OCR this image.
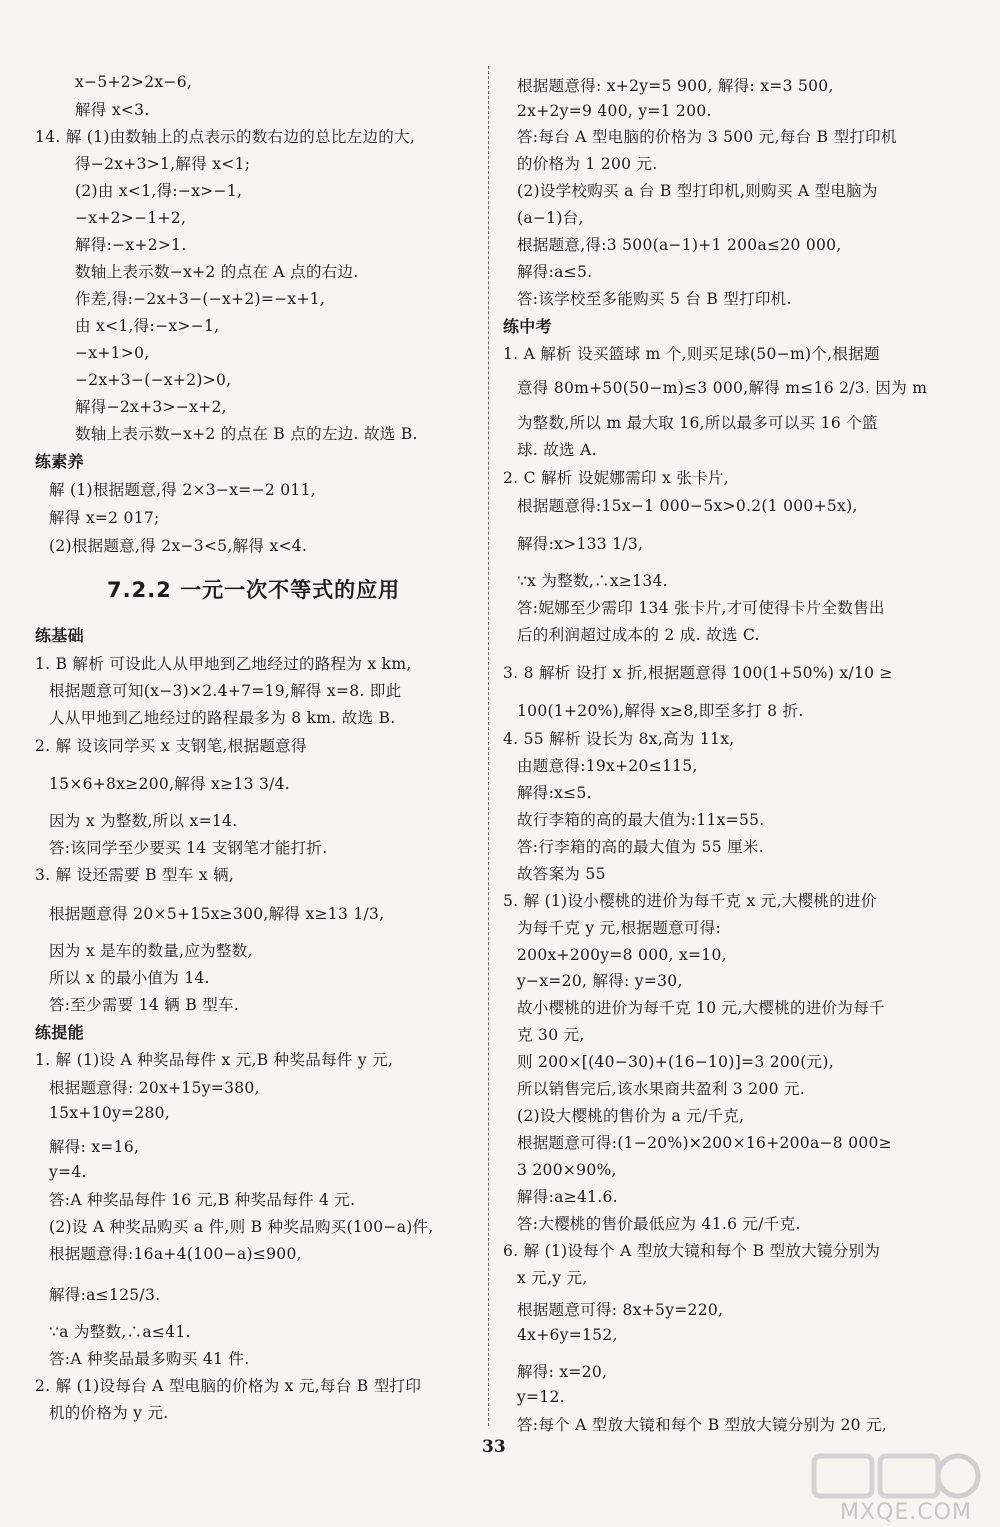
x−5+2>2x−6,
解得 x<3.
14. 解 (1)由数轴上的点表示的数右边的总比左边的大,
得−2x+3>1,解得 x<1;
(2)由 x<1,得:−x>−1,
−x+2>−1+2,
解得:−x+2>1.
数轴上表示数−x+2 的点在 A 点的右边.
作差,得:−2x+3−(−x+2)=−x+1,
由 x<1,得:−x>−1,
−x+1>0,
−2x+3−(−x+2)>0,
解得−2x+3>−x+2,
数轴上表示数−x+2 的点在 B 点的左边. 故选 B.
练素养
解 (1)根据题意,得 2×3−x=−2 011,
解得 x=2 017;
(2)根据题意,得 2x−3<5,解得 x<4.
7.2.2 一元一次不等式的应用
练基础
1. B 解析 可设此人从甲地到乙地经过的路程为 x km,
根据题意可知(x−3)×2.4+7=19,解得 x=8. 即此
人从甲地到乙地经过的路程最多为 8 km. 故选 B.
2. 解 设该同学买 x 支钢笔,根据题意得
15×6+8x≥200,解得 x≥13 3/4.
因为 x 为整数,所以 x=14.
答:该同学至少要买 14 支钢笔才能打折.
3. 解 设还需要 B 型车 x 辆,
根据题意得 20×5+15x≥300,解得 x≥13 1/3,
因为 x 是车的数量,应为整数,
所以 x 的最小值为 14.
答:至少需要 14 辆 B 型车.
练提能
1. 解 (1)设 A 种奖品每件 x 元,B 种奖品每件 y 元,
根据题意得: 20x+15y=380,
15x+10y=280,
解得: x=16,
y=4.
答:A 种奖品每件 16 元,B 种奖品每件 4 元.
(2)设 A 种奖品购买 a 件,则 B 种奖品购买(100−a)件,
根据题意得:16a+4(100−a)≤900,
解得:a≤125/3.
∵a 为整数,∴a≤41.
答:A 种奖品最多购买 41 件.
2. 解 (1)设每台 A 型电脑的价格为 x 元,每台 B 型打印
机的价格为 y 元.
根据题意得: x+2y=5 900, 解得: x=3 500,
2x+2y=9 400, y=1 200.
答:每台 A 型电脑的价格为 3 500 元,每台 B 型打印机
的价格为 1 200 元.
(2)设学校购买 a 台 B 型打印机,则购买 A 型电脑为
(a−1)台,
根据题意,得:3 500(a−1)+1 200a≤20 000,
解得:a≤5.
答:该学校至多能购买 5 台 B 型打印机.
练中考
1. A 解析 设买篮球 m 个,则买足球(50−m)个,根据题
意得 80m+50(50−m)≤3 000,解得 m≤16 2/3. 因为 m
为整数,所以 m 最大取 16,所以最多可以买 16 个篮
球. 故选 A.
2. C 解析 设妮娜需印 x 张卡片,
根据题意得:15x−1 000−5x>0.2(1 000+5x),
解得:x>133 1/3,
∵x 为整数,∴x≥134.
答:妮娜至少需印 134 张卡片,才可使得卡片全数售出
后的利润超过成本的 2 成. 故选 C.
3. 8 解析 设打 x 折,根据题意得 100(1+50%) x/10 ≥
100(1+20%),解得 x≥8,即至多打 8 折.
4. 55 解析 设长为 8x,高为 11x,
由题意得:19x+20≤115,
解得:x≤5.
故行李箱的高的最大值为:11x=55.
答:行李箱的高的最大值为 55 厘米.
故答案为 55
5. 解 (1)设小樱桃的进价为每千克 x 元,大樱桃的进价
为每千克 y 元,根据题意可得:
200x+200y=8 000, x=10,
y−x=20, 解得: y=30,
故小樱桃的进价为每千克 10 元,大樱桃的进价为每千
克 30 元,
则 200×[(40−30)+(16−10)]=3 200(元),
所以销售完后,该水果商共盈利 3 200 元.
(2)设大樱桃的售价为 a 元/千克,
根据题意可得:(1−20%)×200×16+200a−8 000≥
3 200×90%,
解得:a≥41.6.
答:大樱桃的售价最低应为 41.6 元/千克.
6. 解 (1)设每个 A 型放大镜和每个 B 型放大镜分别为
x 元,y 元,
根据题意可得: 8x+5y=220,
4x+6y=152,
解得: x=20,
y=12.
答:每个 A 型放大镜和每个 B 型放大镜分别为 20 元,
33
MXQE.COM
